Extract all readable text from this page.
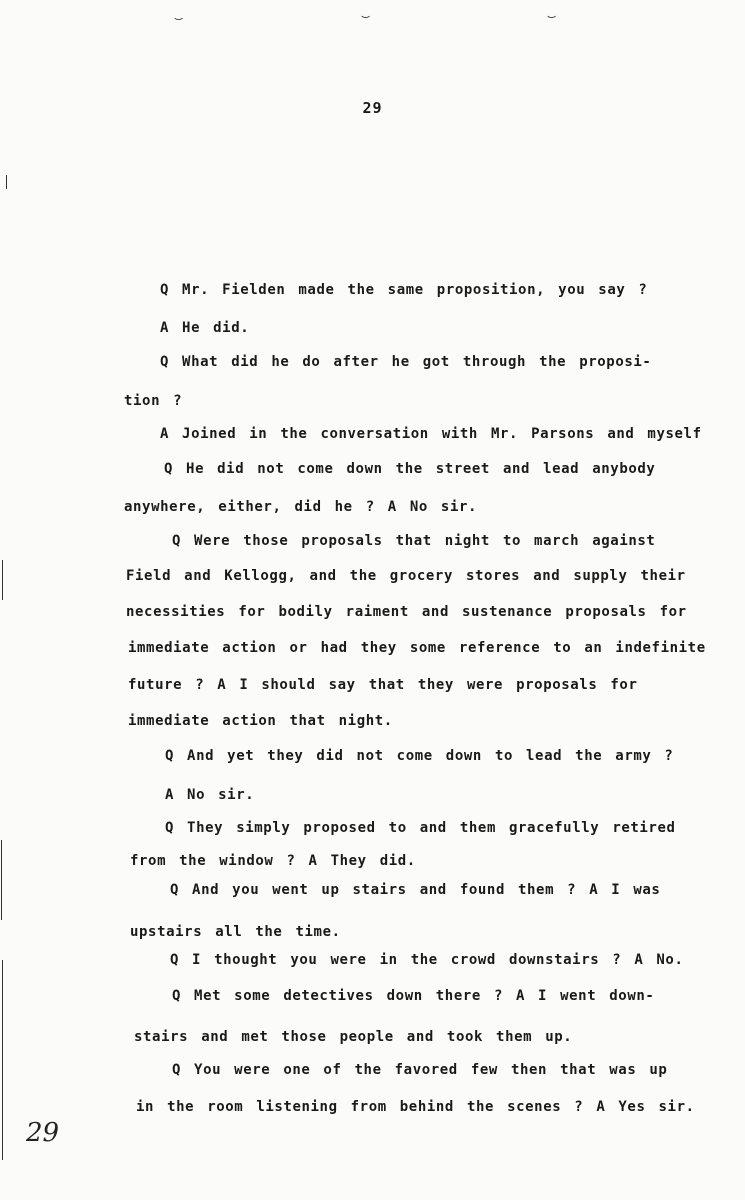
‿	‿	‿
29
Q Mr. Fielden made the same proposition, you say ?
A He did.
Q What did he do after he got through the proposi-
tion ?
A Joined in the conversation with Mr. Parsons and myself
Q He did not come down the street and lead anybody
anywhere, either, did he ? A No sir.
Q Were those proposals that night to march against
Field and Kellogg, and the grocery stores and supply their
necessities for bodily raiment and sustenance proposals for
immediate action or had they some reference to an indefinite
future ? A I should say that they were proposals for
immediate action that night.
Q And yet they did not come down to lead the army ?
A No sir.
Q They simply proposed to and them gracefully retired
from the window ? A They did.
Q And you went up stairs and found them ? A I was
upstairs all the time.
Q I thought you were in the crowd downstairs ? A No.
Q Met some detectives down there ? A I went down-
stairs and met those people and took them up.
Q You were one of the favored few then that was up
in the room listening from behind the scenes ? A Yes sir.
29
